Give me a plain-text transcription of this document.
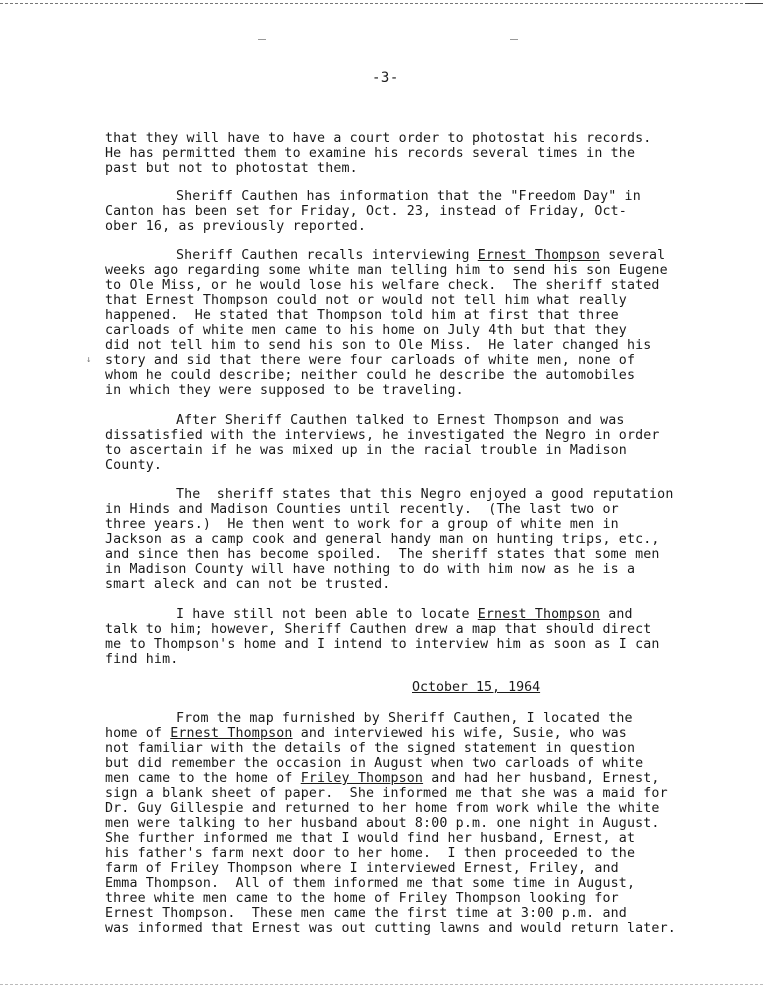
-3-
that they will have to have a court order to photostat his records.
He has permitted them to examine his records several times in the
past but not to photostat them.
Sheriff Cauthen has information that the "Freedom Day" in
Canton has been set for Friday, Oct. 23, instead of Friday, Oct-
ober 16, as previously reported.
Sheriff Cauthen recalls interviewing Ernest Thompson several
weeks ago regarding some white man telling him to send his son Eugene
to Ole Miss, or he would lose his welfare check.  The sheriff stated
that Ernest Thompson could not or would not tell him what really
happened.  He stated that Thompson told him at first that three
carloads of white men came to his home on July 4th but that they
did not tell him to send his son to Ole Miss.  He later changed his
story and sid that there were four carloads of white men, none of
whom he could describe; neither could he describe the automobiles
in which they were supposed to be traveling.
After Sheriff Cauthen talked to Ernest Thompson and was
dissatisfied with the interviews, he investigated the Negro in order
to ascertain if he was mixed up in the racial trouble in Madison
County.
The  sheriff states that this Negro enjoyed a good reputation
in Hinds and Madison Counties until recently.  (The last two or
three years.)  He then went to work for a group of white men in
Jackson as a camp cook and general handy man on hunting trips, etc.,
and since then has become spoiled.  The sheriff states that some men
in Madison County will have nothing to do with him now as he is a
smart aleck and can not be trusted.
I have still not been able to locate Ernest Thompson and
talk to him; however, Sheriff Cauthen drew a map that should direct
me to Thompson's home and I intend to interview him as soon as I can
find him.
October 15, 1964
From the map furnished by Sheriff Cauthen, I located the
home of Ernest Thompson and interviewed his wife, Susie, who was
not familiar with the details of the signed statement in question
but did remember the occasion in August when two carloads of white
men came to the home of Friley Thompson and had her husband, Ernest,
sign a blank sheet of paper.  She informed me that she was a maid for
Dr. Guy Gillespie and returned to her home from work while the white
men were talking to her husband about 8:00 p.m. one night in August.
She further informed me that I would find her husband, Ernest, at
his father's farm next door to her home.  I then proceeded to the
farm of Friley Thompson where I interviewed Ernest, Friley, and
Emma Thompson.  All of them informed me that some time in August,
three white men came to the home of Friley Thompson looking for
Ernest Thompson.  These men came the first time at 3:00 p.m. and
was informed that Ernest was out cutting lawns and would return later.
↓
